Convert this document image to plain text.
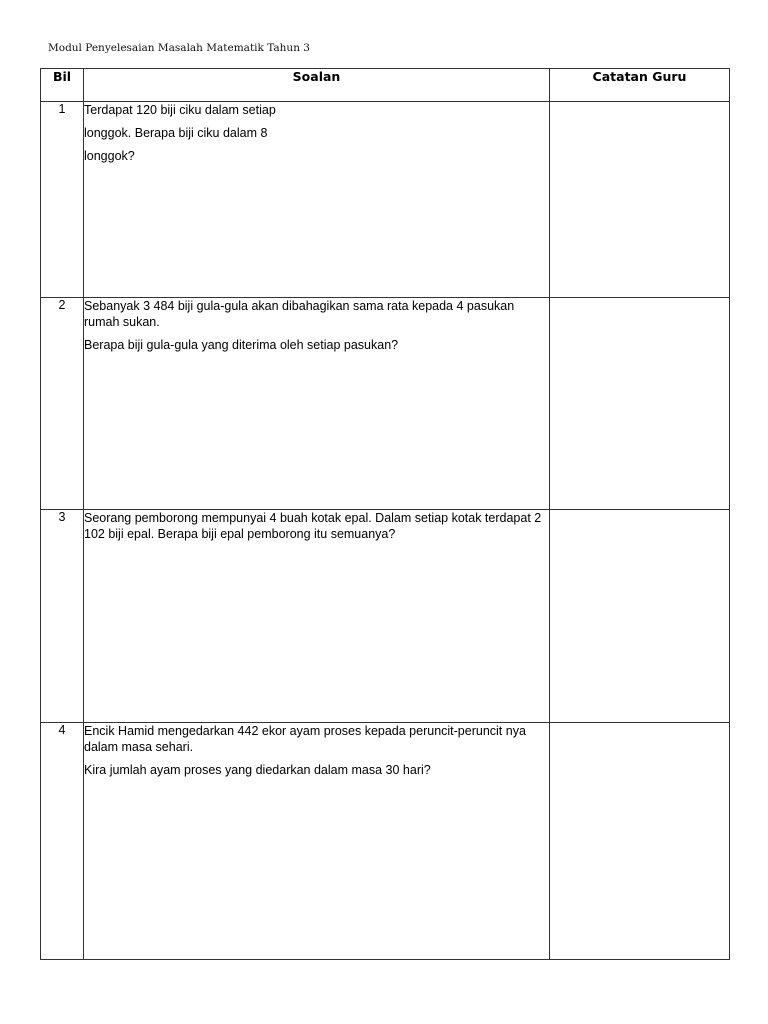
Modul Penyelesaian Masalah Matematik Tahun 3

Bil	Soalan	Catatan Guru
1	Terdapat 120 biji ciku dalam setiap

longgok. Berapa biji ciku dalam 8

longgok?	

2	Sebanyak 3 484 biji gula-gula akan dibahagikan sama rata kepada 4 pasukan rumah sukan.

Berapa biji gula-gula yang diterima oleh setiap pasukan?	

3	Seorang pemborong mempunyai 4 buah kotak epal. Dalam setiap kotak terdapat 2 102 biji epal. Berapa biji epal pemborong itu semuanya?	

4	Encik Hamid mengedarkan 442 ekor ayam proses kepada peruncit-peruncit nya dalam masa sehari.

Kira jumlah ayam proses yang diedarkan dalam masa 30 hari?	
